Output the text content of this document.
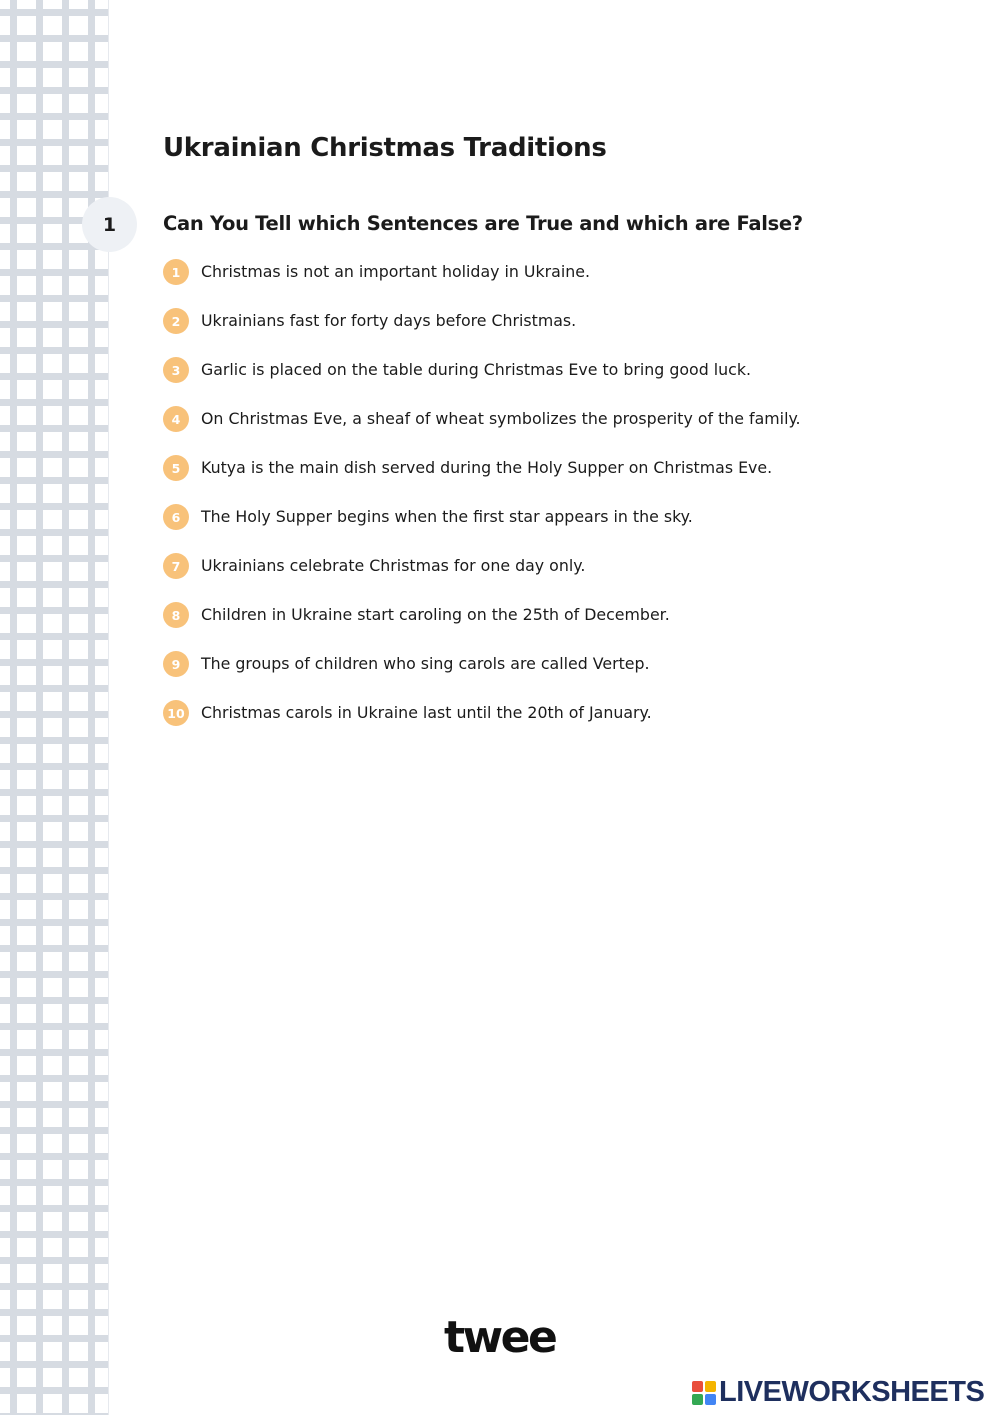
1
Ukrainian Christmas Traditions
Can You Tell which Sentences are True and which are False?
1	Christmas is not an important holiday in Ukraine.
2	Ukrainians fast for forty days before Christmas.
3	Garlic is placed on the table during Christmas Eve to bring good luck.
4	On Christmas Eve, a sheaf of wheat symbolizes the prosperity of the family.
5	Kutya is the main dish served during the Holy Supper on Christmas Eve.
6	The Holy Supper begins when the first star appears in the sky.
7	Ukrainians celebrate Christmas for one day only.
8	Children in Ukraine start caroling on the 25th of December.
9	The groups of children who sing carols are called Vertep.
10 Christmas carols in Ukraine last until the 20th of January.
twee
LIVEWORKSHEETS
